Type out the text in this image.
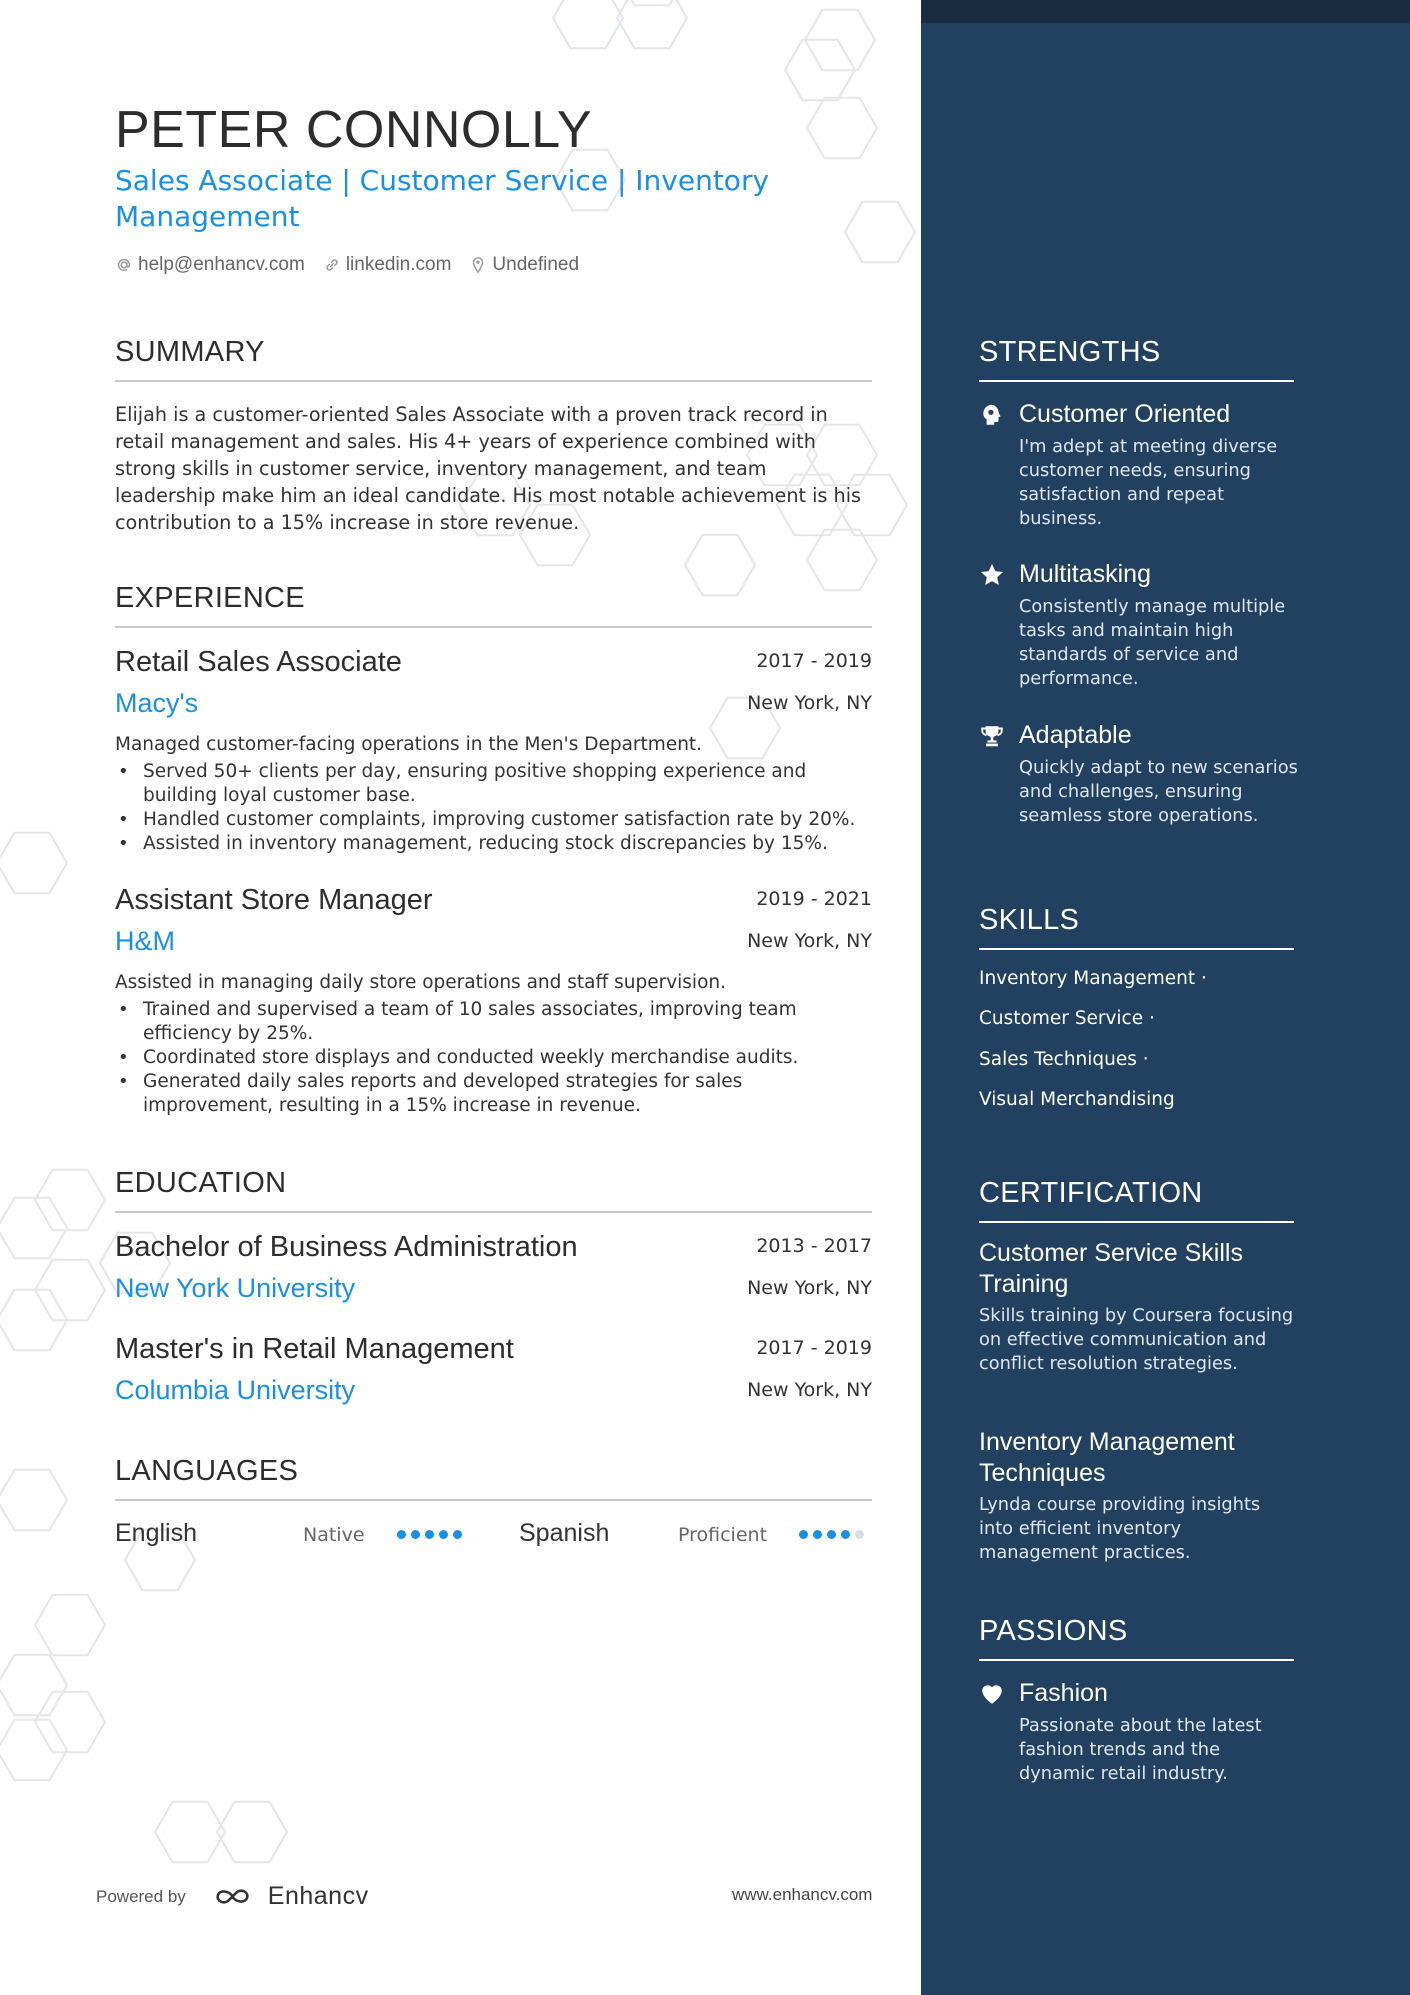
PETER CONNOLLY
Sales Associate | Customer Service | Inventory Management
help@enhancv.com linkedin.com Undefined
SUMMARY
Elijah is a customer-oriented Sales Associate with a proven track record in retail management and sales. His 4+ years of experience combined with strong skills in customer service, inventory management, and team leadership make him an ideal candidate. His most notable achievement is his contribution to a 15% increase in store revenue.
EXPERIENCE
Retail Sales Associate	2017 - 2019
Macy's	New York, NY
Managed customer-facing operations in the Men's Department.
• Served 50+ clients per day, ensuring positive shopping experience and building loyal customer base.
• Handled customer complaints, improving customer satisfaction rate by 20%.
• Assisted in inventory management, reducing stock discrepancies by 15%.
Assistant Store Manager	2019 - 2021
H&M	New York, NY
Assisted in managing daily store operations and staff supervision.
• Trained and supervised a team of 10 sales associates, improving team efficiency by 25%.
• Coordinated store displays and conducted weekly merchandise audits.
• Generated daily sales reports and developed strategies for sales improvement, resulting in a 15% increase in revenue.
EDUCATION
Bachelor of Business Administration	2013 - 2017
New York University	New York, NY
Master's in Retail Management	2017 - 2019
Columbia University	New York, NY
LANGUAGES
English	Native	Spanish	Proficient
Powered by	Enhancv	www.enhancv.com
STRENGTHS
Customer Oriented
I'm adept at meeting diverse customer needs, ensuring satisfaction and repeat business.
Multitasking
Consistently manage multiple tasks and maintain high standards of service and performance.
Adaptable
Quickly adapt to new scenarios and challenges, ensuring seamless store operations.
SKILLS
Inventory Management ·
Customer Service ·
Sales Techniques ·
Visual Merchandising
CERTIFICATION
Customer Service Skills Training
Skills training by Coursera focusing on effective communication and conflict resolution strategies.
Inventory Management Techniques
Lynda course providing insights into efficient inventory management practices.
PASSIONS
Fashion
Passionate about the latest fashion trends and the dynamic retail industry.
